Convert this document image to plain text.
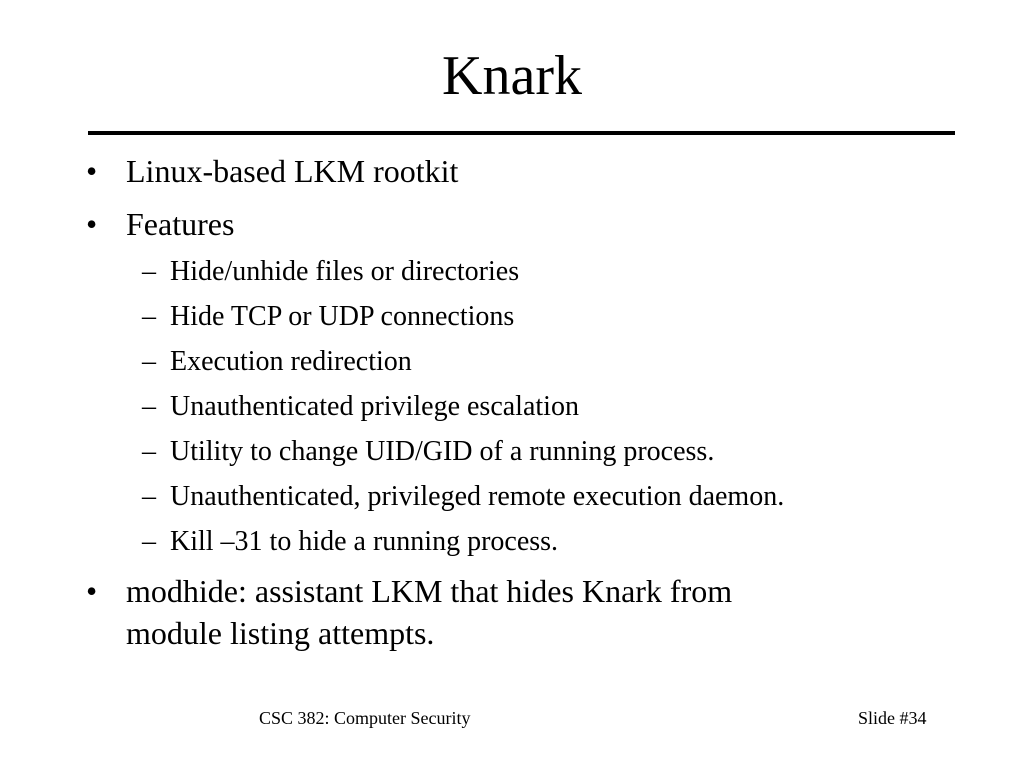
Knark
• Linux-based LKM rootkit
• Features
– Hide/unhide files or directories
– Hide TCP or UDP connections
– Execution redirection
– Unauthenticated privilege escalation
– Utility to change UID/GID of a running process.
– Unauthenticated, privileged remote execution daemon.
– Kill –31 to hide a running process.
• modhide: assistant LKM that hides Knark from
module listing attempts.
CSC 382: Computer Security	Slide #34
